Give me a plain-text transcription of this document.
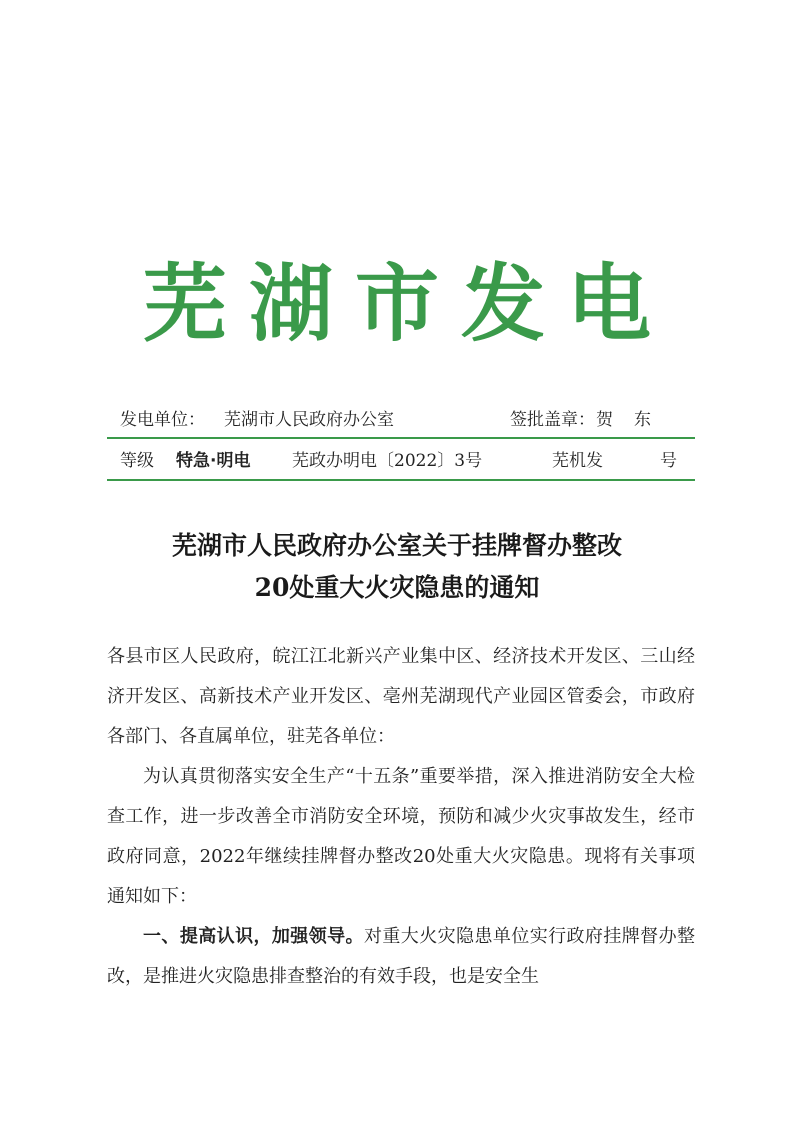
芜湖市发电
发电单位： 芜湖市人民政府办公室	签批盖章： 贺　东
等级 特急·明电 芜政办明电〔2022〕3号	芜机发	号
芜湖市人民政府办公室关于挂牌督办整改
20处重大火灾隐患的通知

各县市区人民政府，皖江江北新兴产业集中区、经济技术开发区、三山经济开发区、高新技术产业开发区、亳州芜湖现代产业园区管委会，市政府各部门、各直属单位，驻芜各单位：

为认真贯彻落实安全生产“十五条”重要举措，深入推进消防安全大检查工作，进一步改善全市消防安全环境，预防和减少火灾事故发生，经市政府同意，2022年继续挂牌督办整改20处重大火灾隐患。现将有关事项通知如下：

一、提高认识，加强领导。对重大火灾隐患单位实行政府挂牌督办整改，是推进火灾隐患排查整治的有效手段，也是安全生
